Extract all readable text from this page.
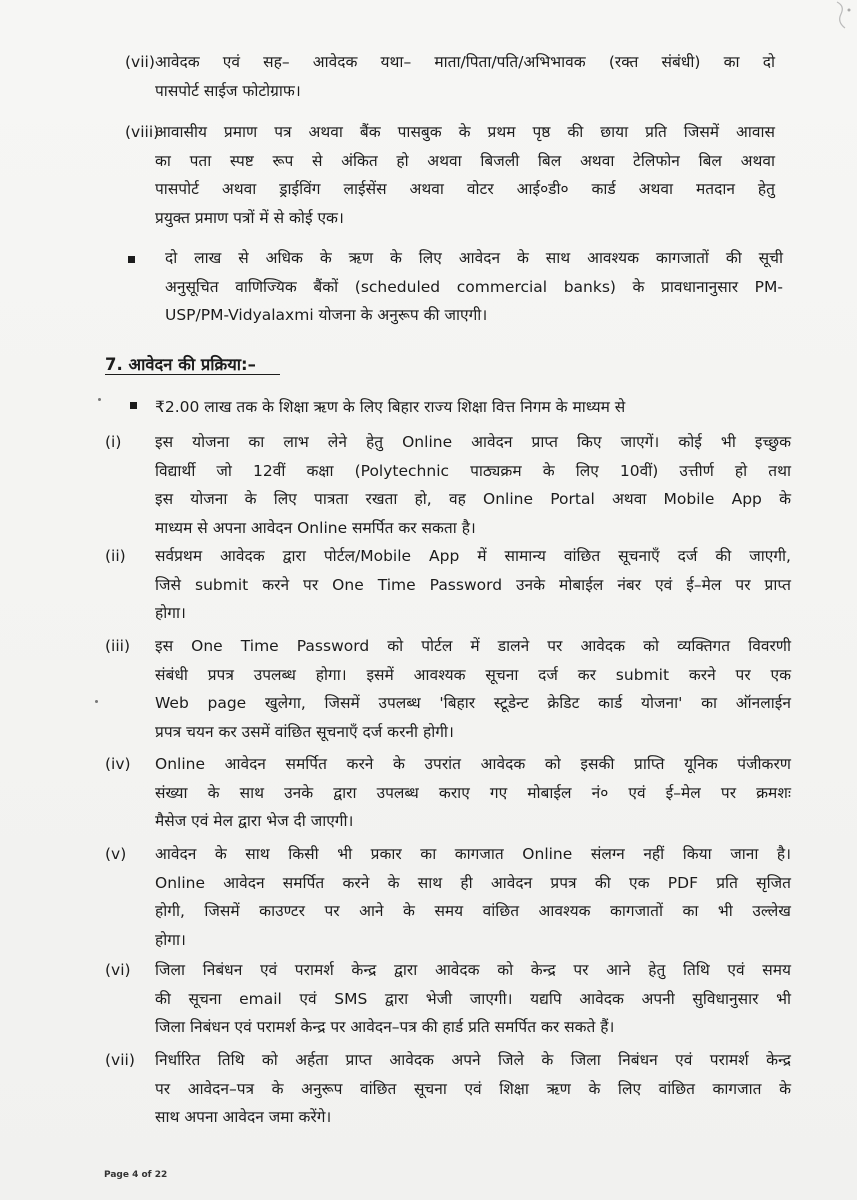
(vii) आवेदक एवं सह– आवेदक यथा– माता/पिता/पति/अभिभावक (रक्त संबंधी) का दो
पासपोर्ट साईज फोटोग्राफ।
(viii)
आवासीय प्रमाण पत्र अथवा बैंक पासबुक के प्रथम पृष्ठ की छाया प्रति जिसमें आवास
का पता स्पष्ट रूप से अंकित हो अथवा बिजली बिल अथवा टेलिफोन बिल अथवा
पासपोर्ट अथवा ड्राईविंग लाईसेंस अथवा वोटर आई०डी० कार्ड अथवा मतदान हेतु
प्रयुक्त प्रमाण पत्रों में से कोई एक।
दो लाख से अधिक के ऋण के लिए आवेदन के साथ आवश्यक कागजातों की सूची
अनुसूचित वाणिज्यिक बैंकों (scheduled commercial banks) के प्रावधानानुसार PM-
USP/PM-Vidyalaxmi योजना के अनुरूप की जाएगी।
7. आवेदन की प्रक्रिया:–
₹2.00 लाख तक के शिक्षा ऋण के लिए बिहार राज्य शिक्षा वित्त निगम के माध्यम से
(i) इस योजना का लाभ लेने हेतु Online आवेदन प्राप्त किए जाएगें। कोई भी इच्छुक
विद्यार्थी जो 12वीं कक्षा (Polytechnic पाठ्यक्रम के लिए 10वीं) उत्तीर्ण हो तथा
इस योजना के लिए पात्रता रखता हो, वह Online Portal अथवा Mobile App के
माध्यम से अपना आवेदन Online समर्पित कर सकता है।
(ii) सर्वप्रथम आवेदक द्वारा पोर्टल/Mobile App में सामान्य वांछित सूचनाएँ दर्ज की जाएगी,
जिसे submit करने पर One Time Password उनके मोबाईल नंबर एवं ई–मेल पर प्राप्त
होगा।
(iii) इस One Time Password को पोर्टल में डालने पर आवेदक को व्यक्तिगत विवरणी
संबंधी प्रपत्र उपलब्ध होगा। इसमें आवश्यक सूचना दर्ज कर submit करने पर एक
Web page खुलेगा, जिसमें उपलब्ध 'बिहार स्टूडेन्ट क्रेडिट कार्ड योजना' का ऑनलाईन
प्रपत्र चयन कर उसमें वांछित सूचनाएँ दर्ज करनी होगी।
(iv) Online आवेदन समर्पित करने के उपरांत आवेदक को इसकी प्राप्ति यूनिक पंजीकरण
संख्या के साथ उनके द्वारा उपलब्ध कराए गए मोबाईल नं० एवं ई–मेल पर क्रमशः
मैसेज एवं मेल द्वारा भेज दी जाएगी।
(v) आवेदन के साथ किसी भी प्रकार का कागजात Online संलग्न नहीं किया जाना है।
Online आवेदन समर्पित करने के साथ ही आवेदन प्रपत्र की एक PDF प्रति सृजित
होगी, जिसमें काउण्टर पर आने के समय वांछित आवश्यक कागजातों का भी उल्लेख
होगा।
(vi) जिला निबंधन एवं परामर्श केन्द्र द्वारा आवेदक को केन्द्र पर आने हेतु तिथि एवं समय
की सूचना email एवं SMS द्वारा भेजी जाएगी। यद्यपि आवेदक अपनी सुविधानुसार भी
जिला निबंधन एवं परामर्श केन्द्र पर आवेदन–पत्र की हार्ड प्रति समर्पित कर सकते हैं।
(vii) निर्धारित तिथि को अर्हता प्राप्त आवेदक अपने जिले के जिला निबंधन एवं परामर्श केन्द्र
पर आवेदन–पत्र के अनुरूप वांछित सूचना एवं शिक्षा ऋण के लिए वांछित कागजात के
साथ अपना आवेदन जमा करेंगे।
Page 4 of 22
